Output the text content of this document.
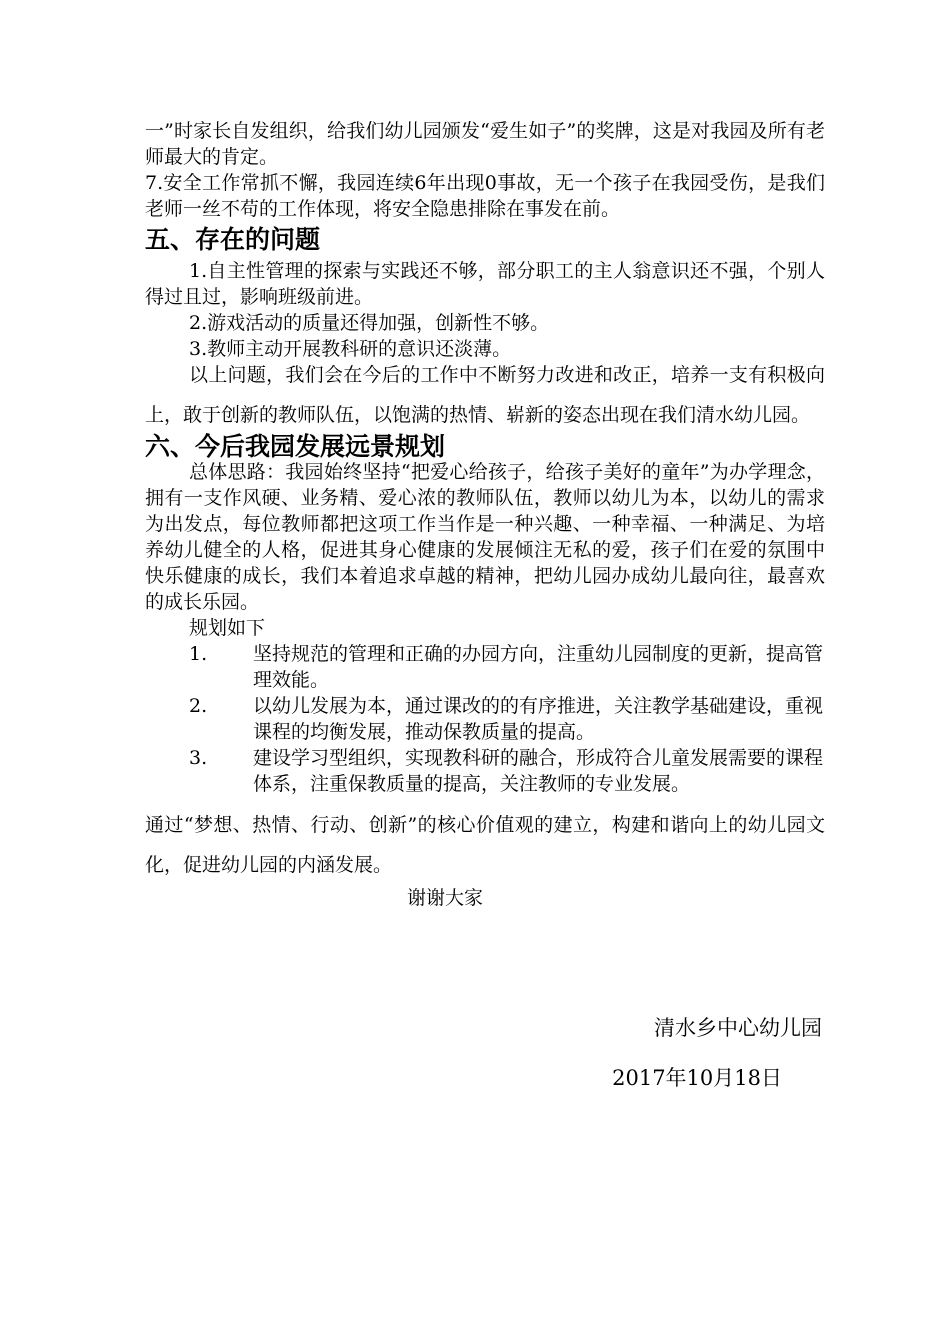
一”时家长自发组织，给我们幼儿园颁发“爱生如子”的奖牌，这是对我园及所有老师最大的肯定。

7.安全工作常抓不懈，我园连续6年出现0事故，无一个孩子在我园受伤，是我们老师一丝不苟的工作体现，将安全隐患排除在事发在前。

五、存在的问题

1.自主性管理的探索与实践还不够，部分职工的主人翁意识还不强，个别人得过且过，影响班级前进。

2.游戏活动的质量还得加强，创新性不够。

3.教师主动开展教科研的意识还淡薄。

以上问题，我们会在今后的工作中不断努力改进和改正，培养一支有积极向上，敢于创新的教师队伍，以饱满的热情、崭新的姿态出现在我们清水幼儿园。

六、今后我园发展远景规划

总体思路：我园始终坚持“把爱心给孩子，给孩子美好的童年”为办学理念，拥有一支作风硬、业务精、爱心浓的教师队伍，教师以幼儿为本，以幼儿的需求为出发点，每位教师都把这项工作当作是一种兴趣、一种幸福、一种满足、为培养幼儿健全的人格，促进其身心健康的发展倾注无私的爱，孩子们在爱的氛围中快乐健康的成长，我们本着追求卓越的精神，把幼儿园办成幼儿最向往，最喜欢的成长乐园。

规划如下

1. 坚持规范的管理和正确的办园方向，注重幼儿园制度的更新，提高管理效能。
2. 以幼儿发展为本，通过课改的的有序推进，关注教学基础建设，重视课程的均衡发展，推动保教质量的提高。
3. 建设学习型组织，实现教科研的融合，形成符合儿童发展需要的课程体系，注重保教质量的提高，关注教师的专业发展。

通过“梦想、热情、行动、创新”的核心价值观的建立，构建和谐向上的幼儿园文化，促进幼儿园的内涵发展。

谢谢大家

清水乡中心幼儿园
2017年10月18日
